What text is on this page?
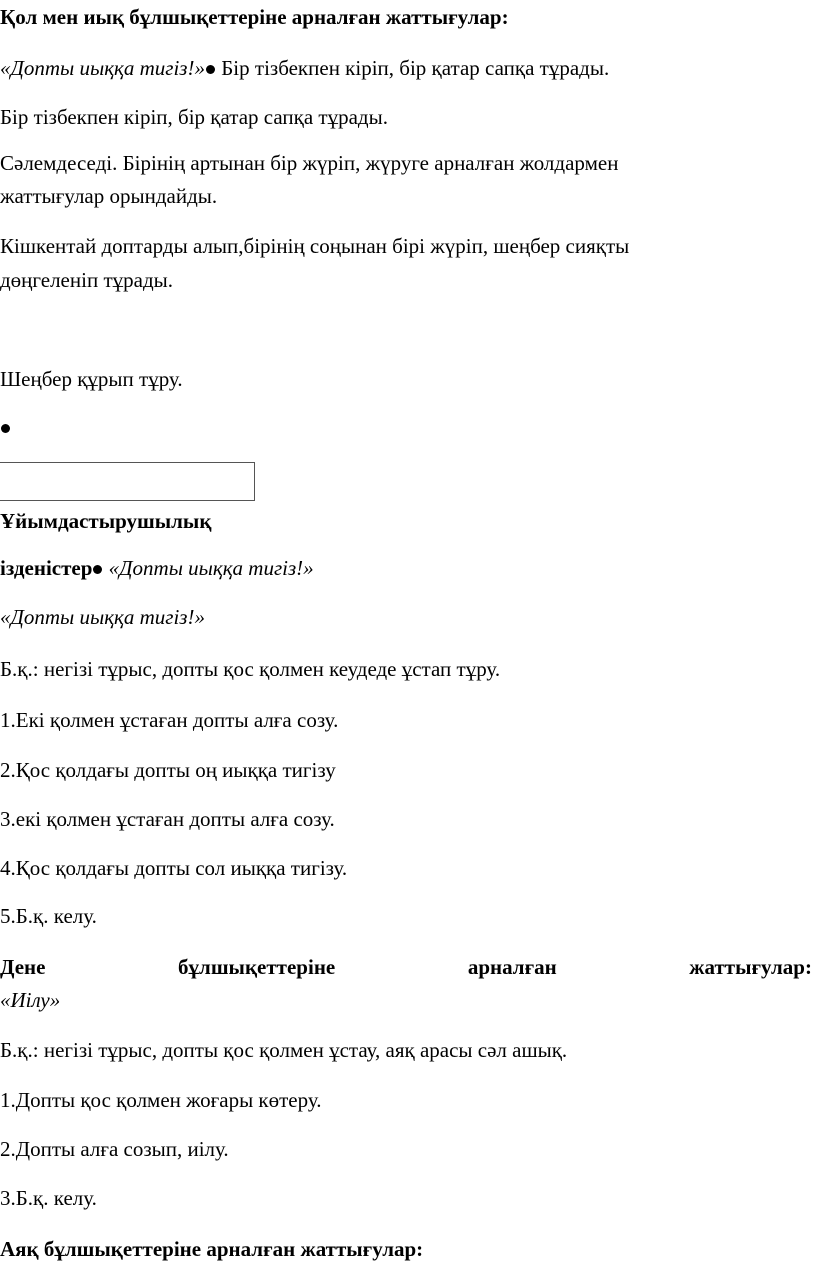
Қол мен иық бұлшықеттеріне арналған жаттығулар:
«Допты иыққа тигіз!» Бір тізбекпен кіріп, бір қатар сапқа тұрады.
Бір тізбекпен кіріп, бір қатар сапқа тұрады.
Сәлемдеседі. Бірінің артынан бір жүріп, жүруге арналған жолдармен
жаттығулар орындайды.
Кішкентай доптарды алып,бірінің соңынан бірі жүріп, шеңбер сияқты
дөңгеленіп тұрады.
Шеңбер құрып тұру.
Ұйымдастырушылық
ізденістер «Допты иыққа тигіз!»
«Допты иыққа тигіз!»
Б.қ.: негізі тұрыс, допты қос қолмен кеудеде ұстап тұру.
1.Екі қолмен ұстаған допты алға созу.
2.Қос қолдағы допты оң иыққа тигізу
3.екі қолмен ұстаған допты алға созу.
4.Қос қолдағы допты сол иыққа тигізу.
5.Б.қ. келу.
Дене	бұлшықеттеріне	арналған	жаттығулар:
«Иілу»
Б.қ.: негізі тұрыс, допты қос қолмен ұстау, аяқ арасы сәл ашық.
1.Допты қос қолмен жоғары көтеру.
2.Допты алға созып, иілу.
3.Б.қ. келу.
Аяқ бұлшықеттеріне арналған жаттығулар:
